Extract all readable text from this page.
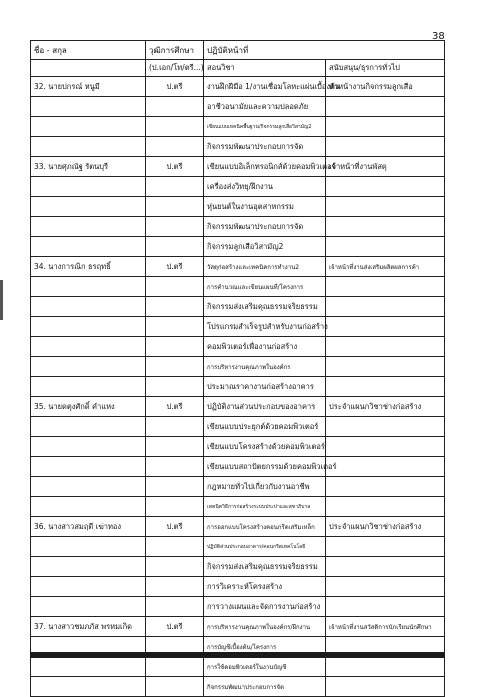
38
ชื่อ - สกุล	วุฒิการศึกษา	ปฏิบัติหน้าที่	
	(ป.เอก/โท/ตรี...)	สอนวิชา	สนับสนุน/ธุรการทั่วไป
32. นายปกรณ์ หนูมี	ป.ตรี	งานฝึกฝีมือ 1/งานเชื่อมโลหะแผ่นเบื้องต้น	หัวหน้างานกิจกรรมลูกเสือ
		อาชีวอนามัยและความปลอดภัย	
		เขียนแบบเทคนิคพื้นฐาน/กิจกรรมลูกเสือวิสามัญ2	
		กิจกรรมพัฒนาประกอบการจัด	
33. นายศุภณัฐ รัตนบุรี	ป.ตรี	เขียนแบบอิเล็กทรอนิกส์ด้วยคอมพิวเตอร์	เจ้าหน้าที่งานพัสดุ
		เครื่องส่งวิทยุ/ฝึกงาน	
		หุ่นยนต์ในงานอุตสาหกรรม	
		กิจกรรมพัฒนาประกอบการจัด	
		กิจกรรมลูกเสือวิสามัญ2	
34. นางการณิก ธรฤทธิ์	ป.ตรี	วัสดุก่อสร้างและเทคนิคการทำงาน2	เจ้าหน้าที่งานส่งเสริมผลิตผลการค้า
		การคำนวณและเขียนแผนที่/โครงการ	
		กิจกรรมส่งเสริมคุณธรรมจริยธรรม	
		โปรแกรมสำเร็จรูปสำหรับงานก่อสร้าง	
		คอมพิวเตอร์เพื่องานก่อสร้าง	
		การบริหารงานคุณภาพในองค์กร	
		ประมาณราคางานก่อสร้างอาคาร	
35. นายดตุงศักดิ์ คำแหง	ป.ตรี	ปฏิบัติงานส่วนประกอบของอาคาร	ประจำแผนกวิชาช่างก่อสร้าง
		เขียนแบบประยุกต์ด้วยคอมพิวเตอร์	
		เขียนแบบโครงสร้างด้วยคอมพิวเตอร์	
		เขียนแบบสถาปัตยกรรมด้วยคอมพิวเตอร์	
		กฎหมายทั่วไปเกี่ยวกับงานอาชีพ	
		เทคนิควิธีการก่อสร้างระบบประปาและสุขาภิบาล	
36. นางสาวสมฤดี เฆ่าทอง	ป.ตรี	การออกแบบโครงสร้างคอนกรีตเสริมเหล็ก	ประจำแผนกวิชาช่างก่อสร้าง
		ปฏิบัติส่วนประกอบอาคาร/คอนกรีตเทคโนโลยี	
		กิจกรรมส่งเสริมคุณธรรมจริยธรรม	
		การวิเคราะห์โครงสร้าง	
		การวางแผนและจัดการงานก่อสร้าง	
37. นางสาวชมภภัส พรหมเกิด	ป.ตรี	การบริหารงานคุณภาพในองค์กร/ฝึกงาน	เจ้าหน้าที่งานสวัสดิการนักเรียนนักศึกษา
		การบัญชีเบื้องต้น/โครงการ	
		การใช้คอมพิวเตอร์ในงานบัญชี	
		กิจกรรมพัฒนาประกอบการจัด	
